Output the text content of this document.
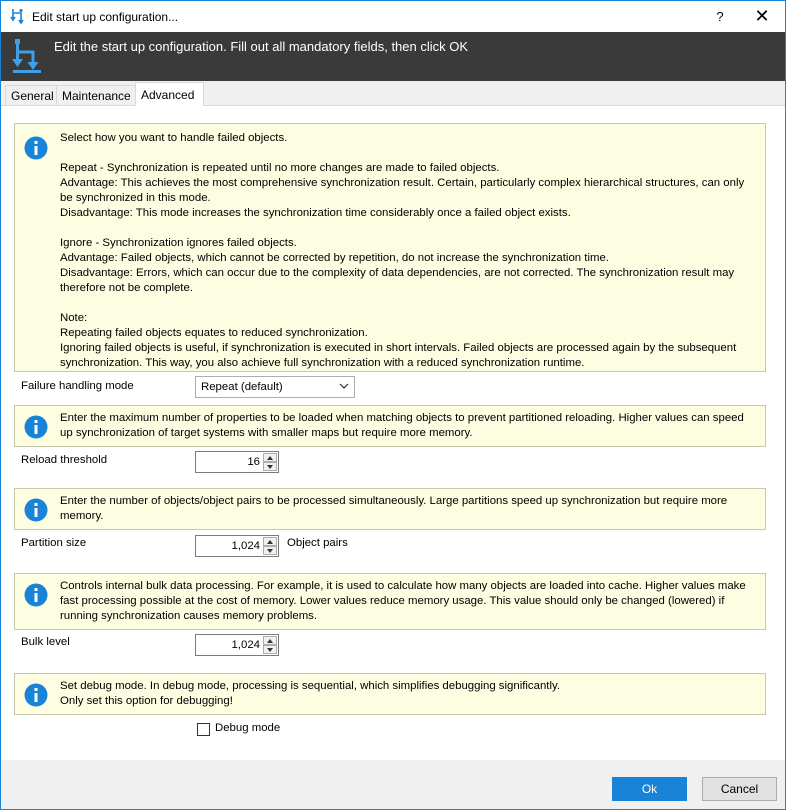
Edit start up configuration...	?	✕
Edit the start up configuration. Fill out all mandatory fields, then click OK
General Maintenance Advanced

Select how you want to handle failed objects.

Repeat - Synchronization is repeated until no more changes are made to failed objects.

Advantage: This achieves the most comprehensive synchronization result. Certain, particularly complex hierarchical structures, can only be synchronized in this mode.

Disadvantage: This mode increases the synchronization time considerably once a failed object exists.

Ignore - Synchronization ignores failed objects.

Advantage: Failed objects, which cannot be corrected by repetition, do not increase the synchronization time.

Disadvantage: Errors, which can occur due to the complexity of data dependencies, are not corrected. The synchronization result may therefore not be complete.

Note:

Repeating failed objects equates to reduced synchronization.

Ignoring failed objects is useful, if synchronization is executed in short intervals. Failed objects are processed again by the subsequent synchronization. This way, you also achieve full synchronization with a reduced synchronization runtime.

Failure handling mode	Repeat (default)
Enter the maximum number of properties to be loaded when matching objects to prevent partitioned reloading. Higher values can speed up synchronization of target systems with smaller maps but require more memory.
Reload threshold	16
Enter the number of objects/object pairs to be processed simultaneously. Large partitions speed up synchronization but require more memory.
Partition size	1,024 Object pairs
Controls internal bulk data processing. For example, it is used to calculate how many objects are loaded into cache. Higher values make fast processing possible at the cost of memory. Lower values reduce memory usage. This value should only be changed (lowered) if running synchronization causes memory problems.
Bulk level	1,024

Set debug mode. In debug mode, processing is sequential, which simplifies debugging significantly.

Only set this option for debugging!

Debug mode
Ok	Cancel
